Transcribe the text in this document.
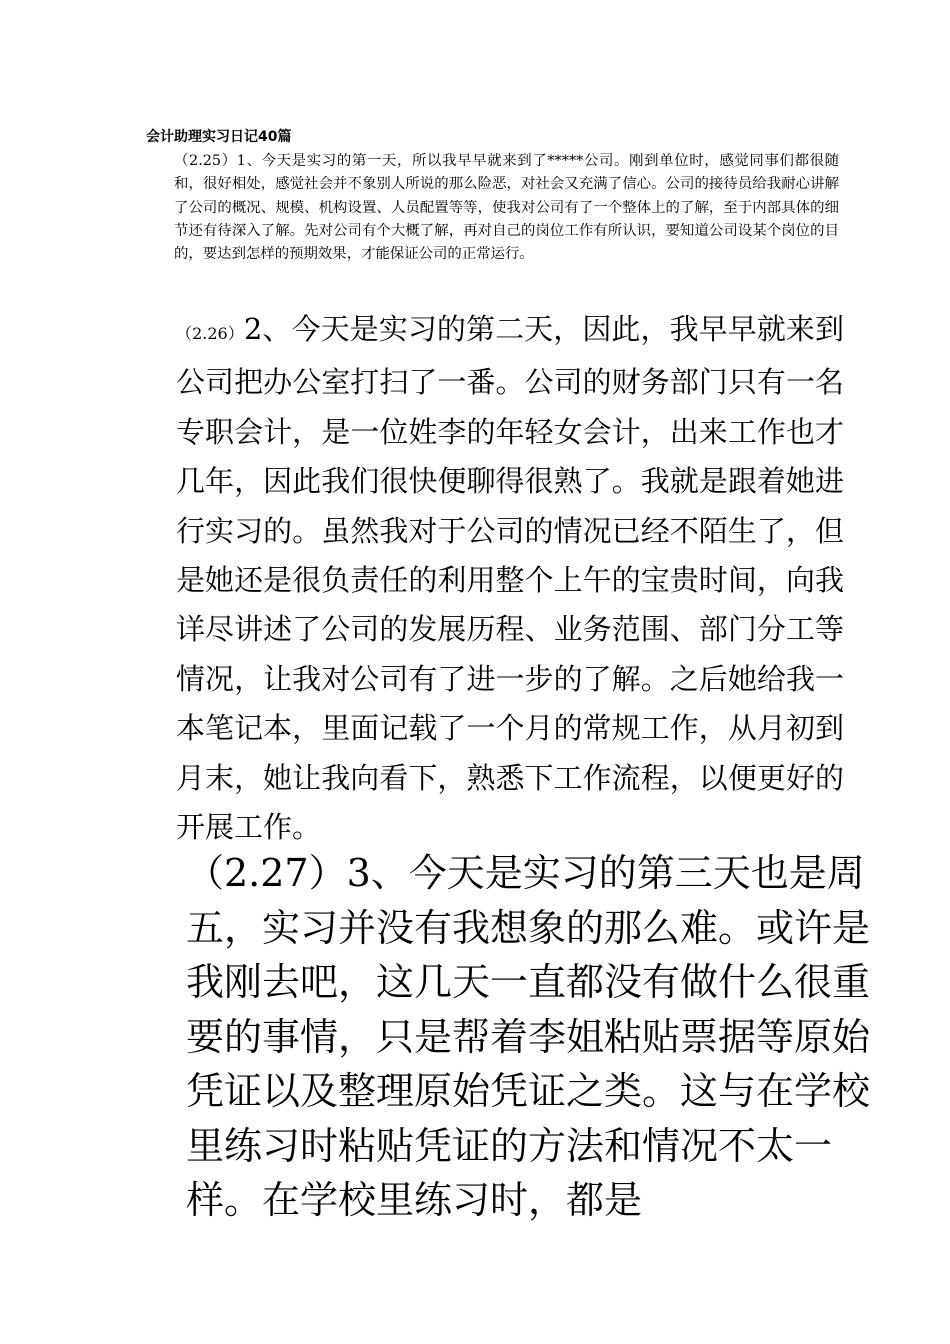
会计助理实习日记40篇

（2.25）1、今天是实习的第一天，所以我早早就来到了*****公司。刚到单位时，感觉同事们都很随和，很好相处，感觉社会并不象别人所说的那么险恶，对社会又充满了信心。公司的接待员给我耐心讲解了公司的概况、规模、机构设置、人员配置等等，使我对公司有了一个整体上的了解，至于内部具体的细节还有待深入了解。先对公司有个大概了解，再对自己的岗位工作有所认识，要知道公司设某个岗位的目的，要达到怎样的预期效果，才能保证公司的正常运行。

（2.26）2、今天是实习的第二天，因此，我早早就来到公司把办公室打扫了一番。公司的财务部门只有一名专职会计，是一位姓李的年轻女会计，出来工作也才几年，因此我们很快便聊得很熟了。我就是跟着她进行实习的。虽然我对于公司的情况已经不陌生了，但是她还是很负责任的利用整个上午的宝贵时间，向我详尽讲述了公司的发展历程、业务范围、部门分工等情况，让我对公司有了进一步的了解。之后她给我一本笔记本，里面记载了一个月的常规工作，从月初到月末，她让我向看下，熟悉下工作流程，以便更好的开展工作。

（2.27）3、今天是实习的第三天也是周五，实习并没有我想象的那么难。或许是我刚去吧，这几天一直都没有做什么很重要的事情，只是帮着李姐粘贴票据等原始凭证以及整理原始凭证之类。这与在学校里练习时粘贴凭证的方法和情况不太一样。在学校里练习时，都是
